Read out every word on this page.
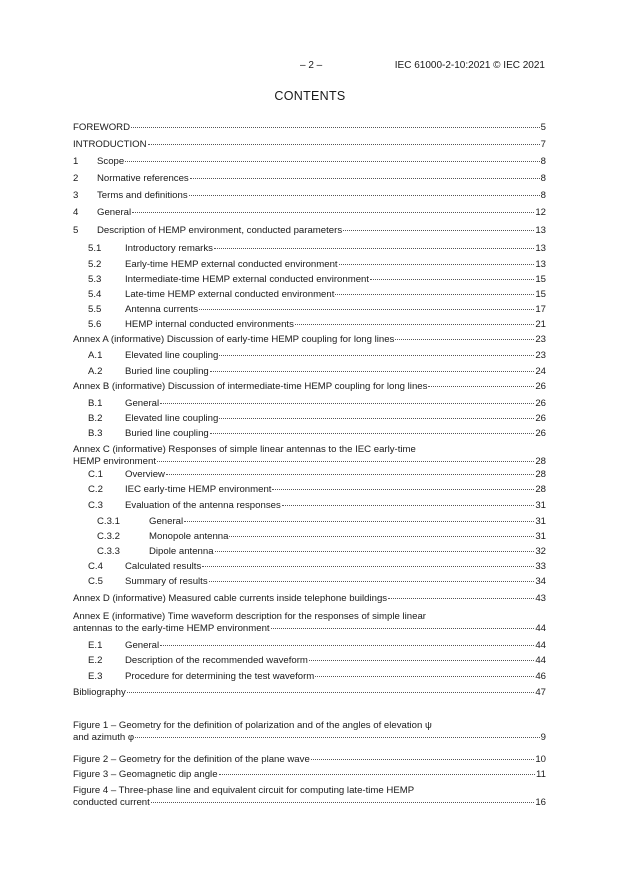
– 2 –	IEC 61000-2-10:2021 © IEC 2021
CONTENTS
FOREWORD	5
INTRODUCTION	7
1	Scope	8
2	Normative references	8
3	Terms and definitions	8
4	General	12
5	Description of HEMP environment, conducted parameters	13
5.1	Introductory remarks	13
5.2	Early-time HEMP external conducted environment	13
5.3	Intermediate-time HEMP external conducted environment	15
5.4	Late-time HEMP external conducted environment	15
5.5	Antenna currents	17
5.6	HEMP internal conducted environments	21
Annex A (informative) Discussion of early-time HEMP coupling for long lines	23
A.1	Elevated line coupling	23
A.2	Buried line coupling	24
Annex B (informative) Discussion of intermediate-time HEMP coupling for long lines	26
B.1	General	26
B.2	Elevated line coupling	26
B.3	Buried line coupling	26
Annex C (informative) Responses of simple linear antennas to the IEC early-time
HEMP environment	28
C.1	Overview	28
C.2	IEC early-time HEMP environment	28
C.3	Evaluation of the antenna responses	31
C.3.1	General	31
C.3.2	Monopole antenna	31
C.3.3	Dipole antenna	32
C.4	Calculated results	33
C.5	Summary of results	34
Annex D (informative) Measured cable currents inside telephone buildings	43
Annex E (informative) Time waveform description for the responses of simple linear
antennas to the early-time HEMP environment	44
E.1	General	44
E.2	Description of the recommended waveform	44
E.3	Procedure for determining the test waveform	46
Bibliography	47
Figure 1 – Geometry for the definition of polarization and of the angles of elevation ψ
and azimuth φ	9
Figure 2 – Geometry for the definition of the plane wave	10
Figure 3 – Geomagnetic dip angle	11
Figure 4 – Three-phase line and equivalent circuit for computing late-time HEMP
conducted current	16
